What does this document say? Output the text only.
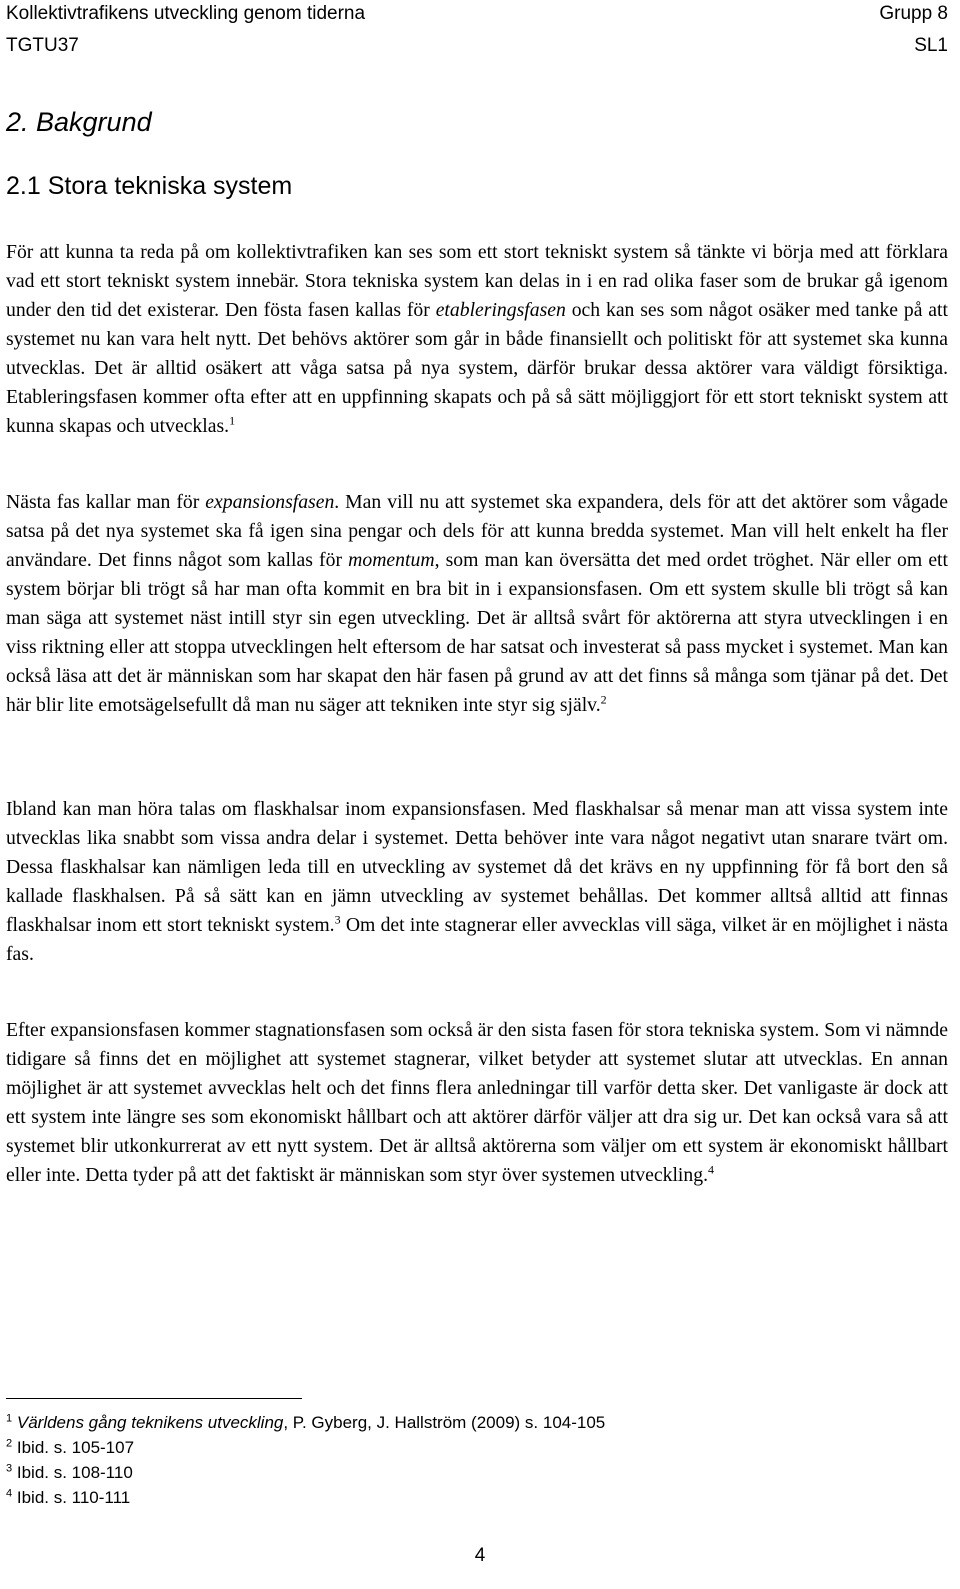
Kollektivtrafikens utveckling genom tiderna	Grupp 8
TGTU37	SL1
2. Bakgrund
2.1 Stora tekniska system

För att kunna ta reda på om kollektivtrafiken kan ses som ett stort tekniskt system så tänkte vi börja med att förklara vad ett stort tekniskt system innebär. Stora tekniska system kan delas in i en rad olika faser som de brukar gå igenom under den tid det existerar. Den fösta fasen kallas för etableringsfasen och kan ses som något osäker med tanke på att systemet nu kan vara helt nytt. Det behövs aktörer som går in både finansiellt och politiskt för att systemet ska kunna utvecklas. Det är alltid osäkert att våga satsa på nya system, därför brukar dessa aktörer vara väldigt försiktiga. Etableringsfasen kommer ofta efter att en uppfinning skapats och på så sätt möjliggjort för ett stort tekniskt system att kunna skapas och utvecklas.$^1$

Nästa fas kallar man för expansionsfasen. Man vill nu att systemet ska expandera, dels för att det aktörer som vågade satsa på det nya systemet ska få igen sina pengar och dels för att kunna bredda systemet. Man vill helt enkelt ha fler användare. Det finns något som kallas för momentum, som man kan översätta det med ordet tröghet. När eller om ett system börjar bli trögt så har man ofta kommit en bra bit in i expansionsfasen. Om ett system skulle bli trögt så kan man säga att systemet näst intill styr sin egen utveckling. Det är alltså svårt för aktörerna att styra utvecklingen i en viss riktning eller att stoppa utvecklingen helt eftersom de har satsat och investerat så pass mycket i systemet. Man kan också läsa att det är människan som har skapat den här fasen på grund av att det finns så många som tjänar på det. Det här blir lite emotsägelsefullt då man nu säger att tekniken inte styr sig själv.$^2$

Ibland kan man höra talas om flaskhalsar inom expansionsfasen. Med flaskhalsar så menar man att vissa system inte utvecklas lika snabbt som vissa andra delar i systemet. Detta behöver inte vara något negativt utan snarare tvärt om. Dessa flaskhalsar kan nämligen leda till en utveckling av systemet då det krävs en ny uppfinning för få bort den så kallade flaskhalsen. På så sätt kan en jämn utveckling av systemet behållas. Det kommer alltså alltid att finnas flaskhalsar inom ett stort tekniskt system.$^3$ Om det inte stagnerar eller avvecklas vill säga, vilket är en möjlighet i nästa fas.

Efter expansionsfasen kommer stagnationsfasen som också är den sista fasen för stora tekniska system. Som vi nämnde tidigare så finns det en möjlighet att systemet stagnerar, vilket betyder att systemet slutar att utvecklas. En annan möjlighet är att systemet avvecklas helt och det finns flera anledningar till varför detta sker. Det vanligaste är dock att ett system inte längre ses som ekonomiskt hållbart och att aktörer därför väljer att dra sig ur. Det kan också vara så att systemet blir utkonkurrerat av ett nytt system. Det är alltså aktörerna som väljer om ett system är ekonomiskt hållbart eller inte. Detta tyder på att det faktiskt är människan som styr över systemen utveckling.$^4$

$^1$ Världens gång teknikens utveckling, P. Gyberg, J. Hallström (2009) s. 104-105
$^2$ Ibid. s. 105-107
$^3$ Ibid. s. 108-110
$^4$ Ibid. s. 110-111
4
